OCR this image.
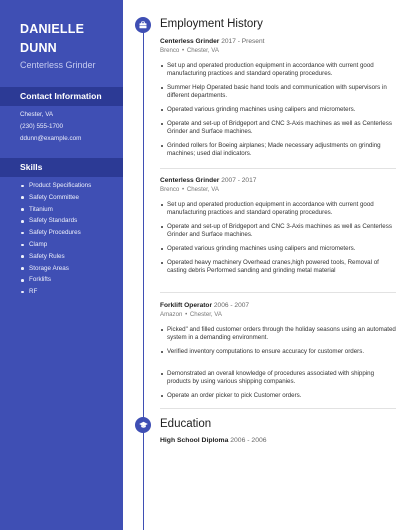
DANIELLE
DUNN
Centerless Grinder
Contact Information
Chester, VA
(230) 555-1700
ddunn@example.com
Skills
Product Specifications
Safety Committee
Titanium
Safety Standards
Safety Procedures
Clamp
Safety Rules
Storage Areas
Forklifts
RF
Employment History
Centerless Grinder 2017 - Present
Brenco • Chester, VA
Set up and operated production equipment in accordance with current good manufacturing practices and standard operating procedures.
Summer Help Operated basic hand tools and communication with supervisors in different departments.
Operated various grinding machines using calipers and micrometers.
Operate and set-up of Bridgeport and CNC 3-Axis machines as well as Centerless Grinder and Surface machines.
Grinded rollers for Boeing airplanes; Made necessary adjustments on grinding machines; used dial indicators.
Centerless Grinder 2007 - 2017
Brenco • Chester, VA
Set up and operated production equipment in accordance with current good manufacturing practices and standard operating procedures.
Operate and set-up of Bridgeport and CNC 3-Axis machines as well as Centerless Grinder and Surface machines.
Operated various grinding machines using calipers and micrometers.
Operated heavy machinery Overhead cranes,high powered tools, Removal of casting debris Performed sanding and grinding metal material
Forklift Operator 2006 - 2007
Amazon • Chester, VA
Picked" and filled customer orders through the holiday seasons using an automated system in a demanding environment.
Verified inventory computations to ensure accuracy for customer orders.
Demonstrated an overall knowledge of procedures associated with shipping products by using various shipping companies.
Operate an order picker to pick Customer orders.
Education
High School Diploma 2006 - 2006
